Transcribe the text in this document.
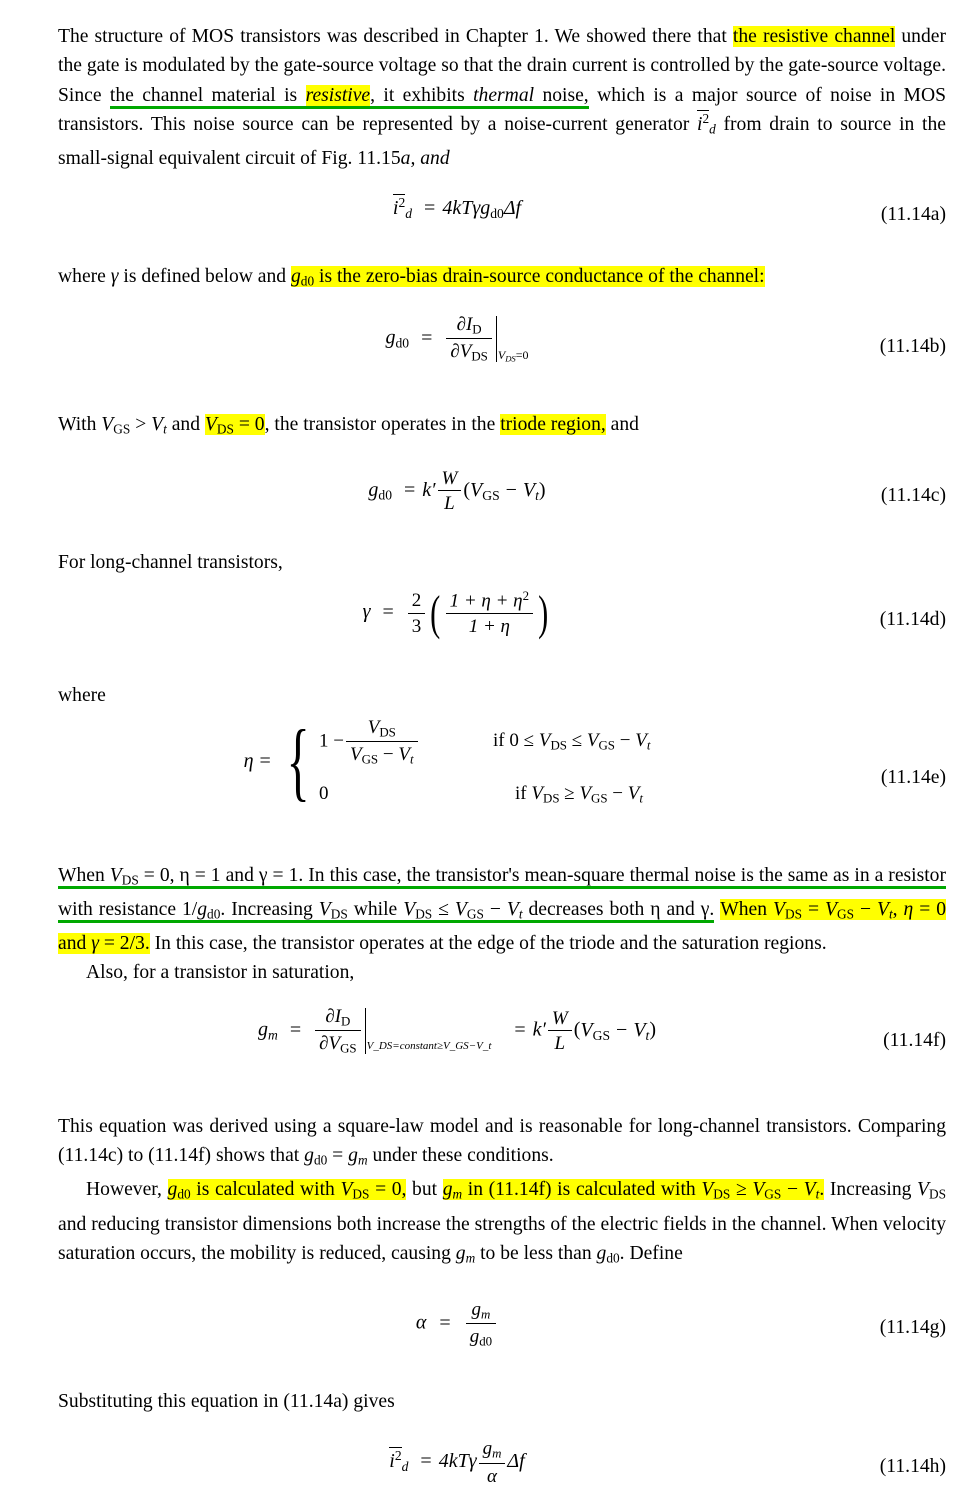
The structure of MOS transistors was described in Chapter 1. We showed there that the resistive channel under the gate is modulated by the gate-source voltage so that the drain current is controlled by the gate-source voltage. Since the channel material is resistive, it exhibits thermal noise, which is a major source of noise in MOS transistors. This noise source can be represented by a noise-current generator $i^2_d$ from drain to source in the small-signal equivalent circuit of Fig. 11.15a, and

$i^2_d = 4kT\gamma g_{d0}\Delta f$	(11.14a)

where γ is defined below and $g_{d0}$ is the zero-bias drain-source conductance of the channel:

$g_{d0} = \frac{\partial I_D}{\partial V_{DS}} _{V_{DS}=0}$	(11.14b)

With $V_{GS} > V_t$ and $V_{DS} = 0$, the transistor operates in the triode region, and

$g_{d0} = k' \frac{W}{L} (V_{GS} - V_t)$	(11.14c)

For long-channel transistors,

$\gamma = \frac{2}{3}$ ( $\frac{1 + \eta + \eta^2}{1 + \eta}$ )	(11.14d)

where

η = { $1 - \frac{V_{DS}}{V_{GS} - V_t}$	if $0 \le V_{DS} \le V_{GS} - V_t$
0	if $V_{DS} \ge V_{GS} - V_t$
(11.14e)

When $V_{DS} = 0$, η = 1 and γ = 1. In this case, the transistor's mean-square thermal noise is the same as in a resistor with resistance $1/g_{d0}$. Increasing $V_{DS}$ while $V_{DS} \le V_{GS} - V_t$ decreases both η and γ. When $V_{DS} = V_{GS} - V_t$, η = 0 and γ = 2/3. In this case, the transistor operates at the edge of the triode and the saturation regions.

Also, for a transistor in saturation,

$g_m = \frac{\partial I_D}{\partial V_{GS}} _{V\_DS=constant\ge V\_GS-V\_t} = k' \frac{W}{L} (V_{GS} - V_t)$	(11.14f)

This equation was derived using a square-law model and is reasonable for long-channel transistors. Comparing (11.14c) to (11.14f) shows that $g_{d0} = g_m$ under these conditions.

However, $g_{d0}$ is calculated with $V_{DS} = 0$, but $g_m$ in (11.14f) is calculated with $V_{DS} \ge V_{GS} - V_t$. Increasing $V_{DS}$ and reducing transistor dimensions both increase the strengths of the electric fields in the channel. When velocity saturation occurs, the mobility is reduced, causing $g_m$ to be less than $g_{d0}$. Define

$\alpha = \frac{g_m}{g_{d0}}$	(11.14g)

Substituting this equation in (11.14a) gives

$i^2_d = 4kT\gamma \frac{g_m}{\alpha}$ Δf	(11.14h)
